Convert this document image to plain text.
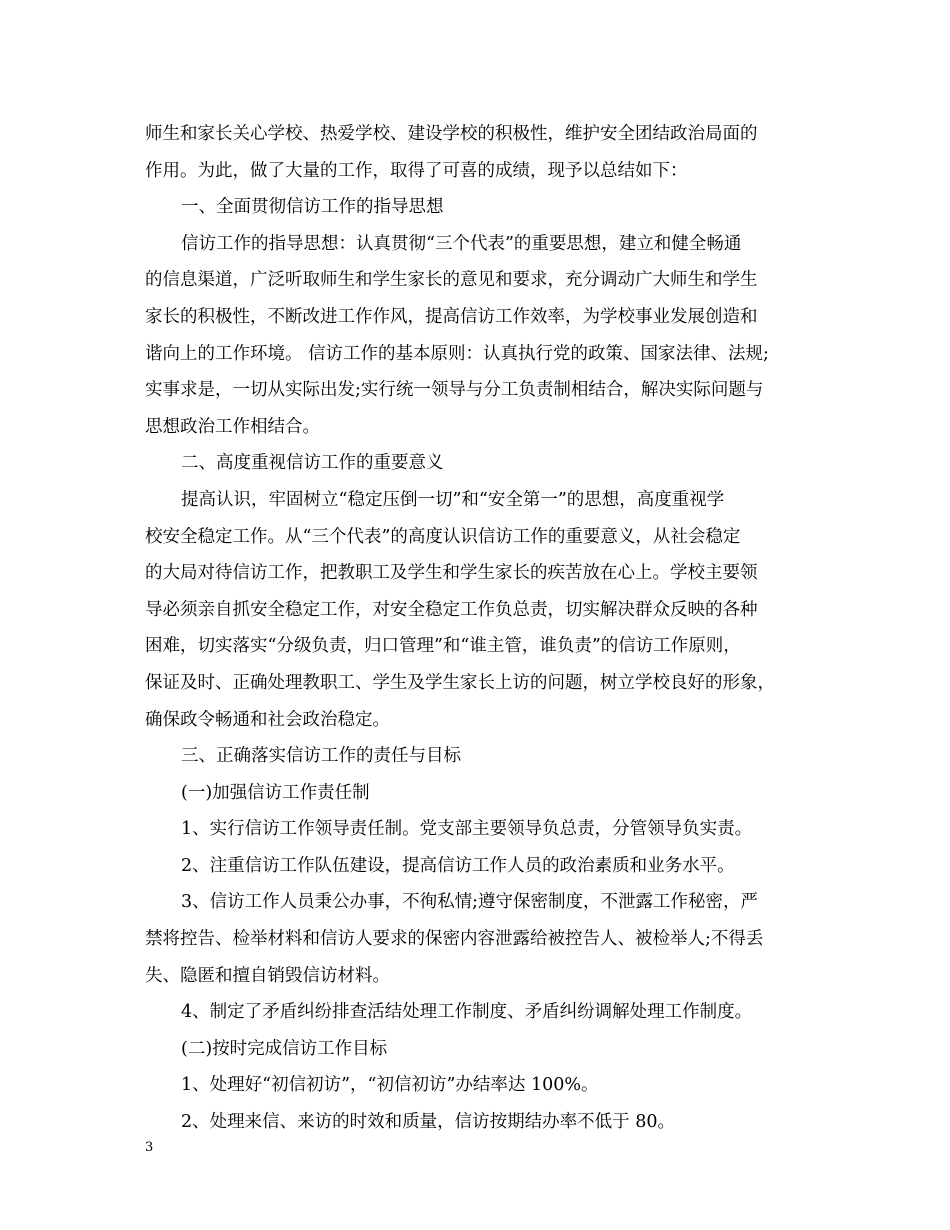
师生和家长关心学校、热爱学校、建设学校的积极性，维护安全团结政治局面的
作用。为此，做了大量的工作，取得了可喜的成绩，现予以总结如下：
一、全面贯彻信访工作的指导思想
信访工作的指导思想：认真贯彻“三个代表”的重要思想，建立和健全畅通
的信息渠道，广泛听取师生和学生家长的意见和要求，充分调动广大师生和学生
家长的积极性，不断改进工作作风，提高信访工作效率，为学校事业发展创造和
谐向上的工作环境。 信访工作的基本原则：认真执行党的政策、国家法律、法规;
实事求是，一切从实际出发;实行统一领导与分工负责制相结合，解决实际问题与
思想政治工作相结合。
二、高度重视信访工作的重要意义
提高认识，牢固树立“稳定压倒一切”和“安全第一”的思想，高度重视学
校安全稳定工作。从“三个代表”的高度认识信访工作的重要意义，从社会稳定
的大局对待信访工作，把教职工及学生和学生家长的疾苦放在心上。学校主要领
导必须亲自抓安全稳定工作，对安全稳定工作负总责，切实解决群众反映的各种
困难，切实落实“分级负责，归口管理”和“谁主管，谁负责”的信访工作原则，
保证及时、正确处理教职工、学生及学生家长上访的问题，树立学校良好的形象，
确保政令畅通和社会政治稳定。
三、正确落实信访工作的责任与目标
(一)加强信访工作责任制
1、实行信访工作领导责任制。党支部主要领导负总责，分管领导负实责。
2、注重信访工作队伍建设，提高信访工作人员的政治素质和业务水平。
3、信访工作人员秉公办事，不徇私情;遵守保密制度，不泄露工作秘密，严
禁将控告、检举材料和信访人要求的保密内容泄露给被控告人、被检举人;不得丢
失、隐匿和擅自销毁信访材料。
4、制定了矛盾纠纷排查活结处理工作制度、矛盾纠纷调解处理工作制度。
(二)按时完成信访工作目标
1、处理好“初信初访”，“初信初访”办结率达 100%。
2、处理来信、来访的时效和质量，信访按期结办率不低于 80。
3
